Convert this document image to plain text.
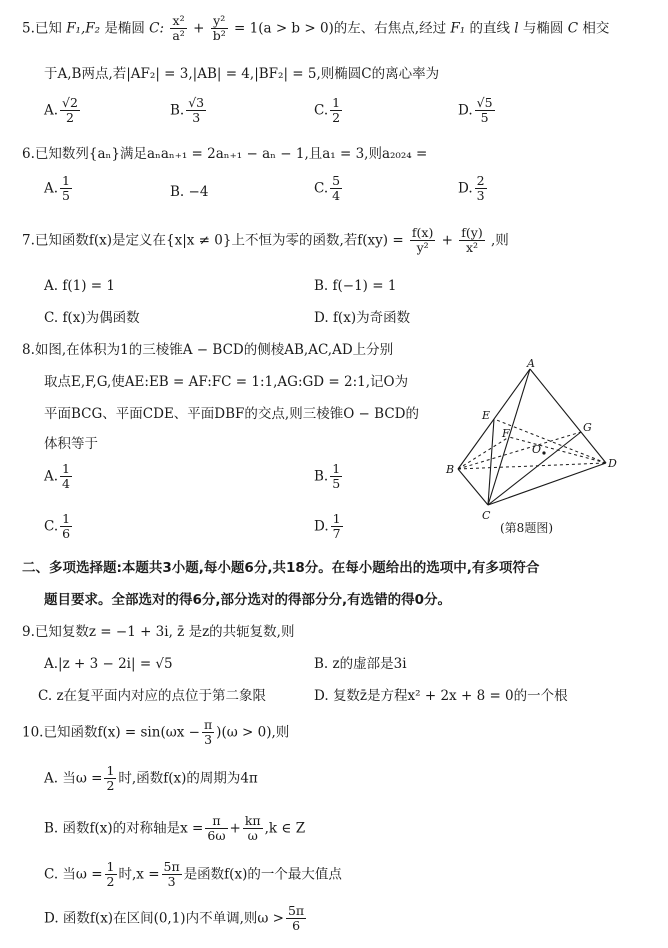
5.已知 F₁,F₂ 是椭圆 C: $\frac{\text{x²}}{\text{a²}} + \frac{\text{y²}}{\text{b²}} = 1(a > b > 0)$的左、右焦点,经过 F₁ 的直线 l 与椭圆 C 相交
于A,B两点,若|AF₂| = 3,|AB| = 4,|BF₂| = 5,则椭圆C的离心率为
A. $\frac{√2}{2}$	B. $\frac{√3}{3}$	C. $\frac{1}{2}$	D. $\frac{√5}{5}$
6.已知数列{aₙ}满足aₙaₙ₊₁ = 2aₙ₊₁ − aₙ − 1,且a₁ = 3,则a₂₀₂₄ =
A. $\frac{1}{5}$	B. −4	C. $\frac{5}{4}$	D. $\frac{2}{3}$
7.已知函数f(x)是定义在{x|x ≠ 0}上不恒为零的函数,若$f(xy) = \frac{f(x)}{\text{y²}} + \frac{f(y)}{\text{x²}}$ ,则
A. f(1) = 1	B. f(−1) = 1
C. f(x)为偶函数	D. f(x)为奇函数
8.如图,在体积为1的三棱锥A − BCD的侧棱AB,AC,AD上分别
取点E,F,G,使AE:EB = AF:FC = 1:1,AG:GD = 2:1,记O为
平面BCG、平面CDE、平面DBF的交点,则三棱锥O − BCD的
体积等于
A. $\frac{1}{4}$	B. $\frac{1}{5}$
C. $\frac{1}{6}$	D. $\frac{1}{7}$
A
B
C
D
E
F	G
O
(第8题图)
二、多项选择题:本题共3小题,每小题6分,共18分。在每小题给出的选项中,有多项符合
题目要求。全部选对的得6分,部分选对的得部分分,有选错的得0分。
9.已知复数z = −1 + 3i, z̄ 是z的共轭复数,则
A.|z + 3 − 2i| = √5	B. z的虚部是3i
C. z在复平面内对应的点位于第二象限	D. 复数z̄是方程x² + 2x + 8 = 0的一个根
10.已知函数$f(x) = \sin(\omega x - \frac{\pi}{3} )(\omega > 0)$,则
A. 当$\omega = \frac{1}{2}$ 时,函数f(x)的周期为4π
B. 函数f(x)的对称轴是$x = \frac{\pi}{6\omega} + \frac{k\pi}{\omega} ,k$ ∈ Z
C. 当$\omega = \frac{1}{2}$ 时$,x = \frac{5\pi}{3}$ 是函数f(x)的一个最大值点
D. 函数f(x)在区间(0,1)内不单调,则$\omega > \frac{5\pi}{6}$
